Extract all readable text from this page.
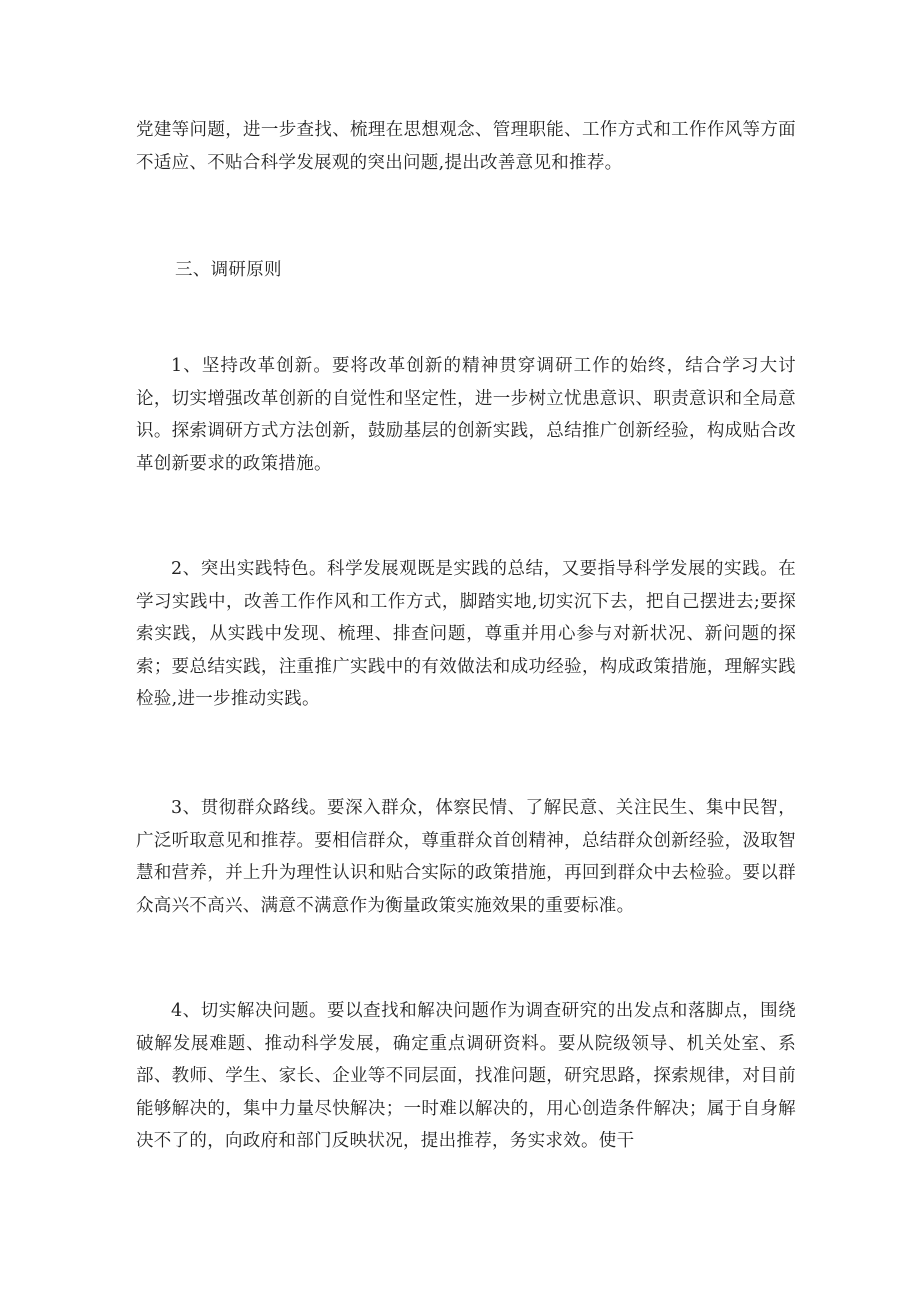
党建等问题，进一步查找、梳理在思想观念、管理职能、工作方式和工作作风等方面不适应、不贴合科学发展观的突出问题,提出改善意见和推荐。

三、调研原则

1、坚持改革创新。要将改革创新的精神贯穿调研工作的始终，结合学习大讨论，切实增强改革创新的自觉性和坚定性，进一步树立忧患意识、职责意识和全局意识。探索调研方式方法创新，鼓励基层的创新实践，总结推广创新经验，构成贴合改革创新要求的政策措施。

2、突出实践特色。科学发展观既是实践的总结，又要指导科学发展的实践。在学习实践中，改善工作作风和工作方式，脚踏实地,切实沉下去，把自己摆进去;要探索实践，从实践中发现、梳理、排查问题，尊重并用心参与对新状况、新问题的探索；要总结实践，注重推广实践中的有效做法和成功经验，构成政策措施，理解实践检验,进一步推动实践。

3、贯彻群众路线。要深入群众，体察民情、了解民意、关注民生、集中民智，广泛听取意见和推荐。要相信群众，尊重群众首创精神，总结群众创新经验，汲取智慧和营养，并上升为理性认识和贴合实际的政策措施，再回到群众中去检验。要以群众高兴不高兴、满意不满意作为衡量政策实施效果的重要标准。

4、切实解决问题。要以查找和解决问题作为调查研究的出发点和落脚点，围绕破解发展难题、推动科学发展，确定重点调研资料。要从院级领导、机关处室、系部、教师、学生、家长、企业等不同层面，找准问题，研究思路，探索规律，对目前能够解决的，集中力量尽快解决；一时难以解决的，用心创造条件解决；属于自身解决不了的，向政府和部门反映状况，提出推荐，务实求效。使干
